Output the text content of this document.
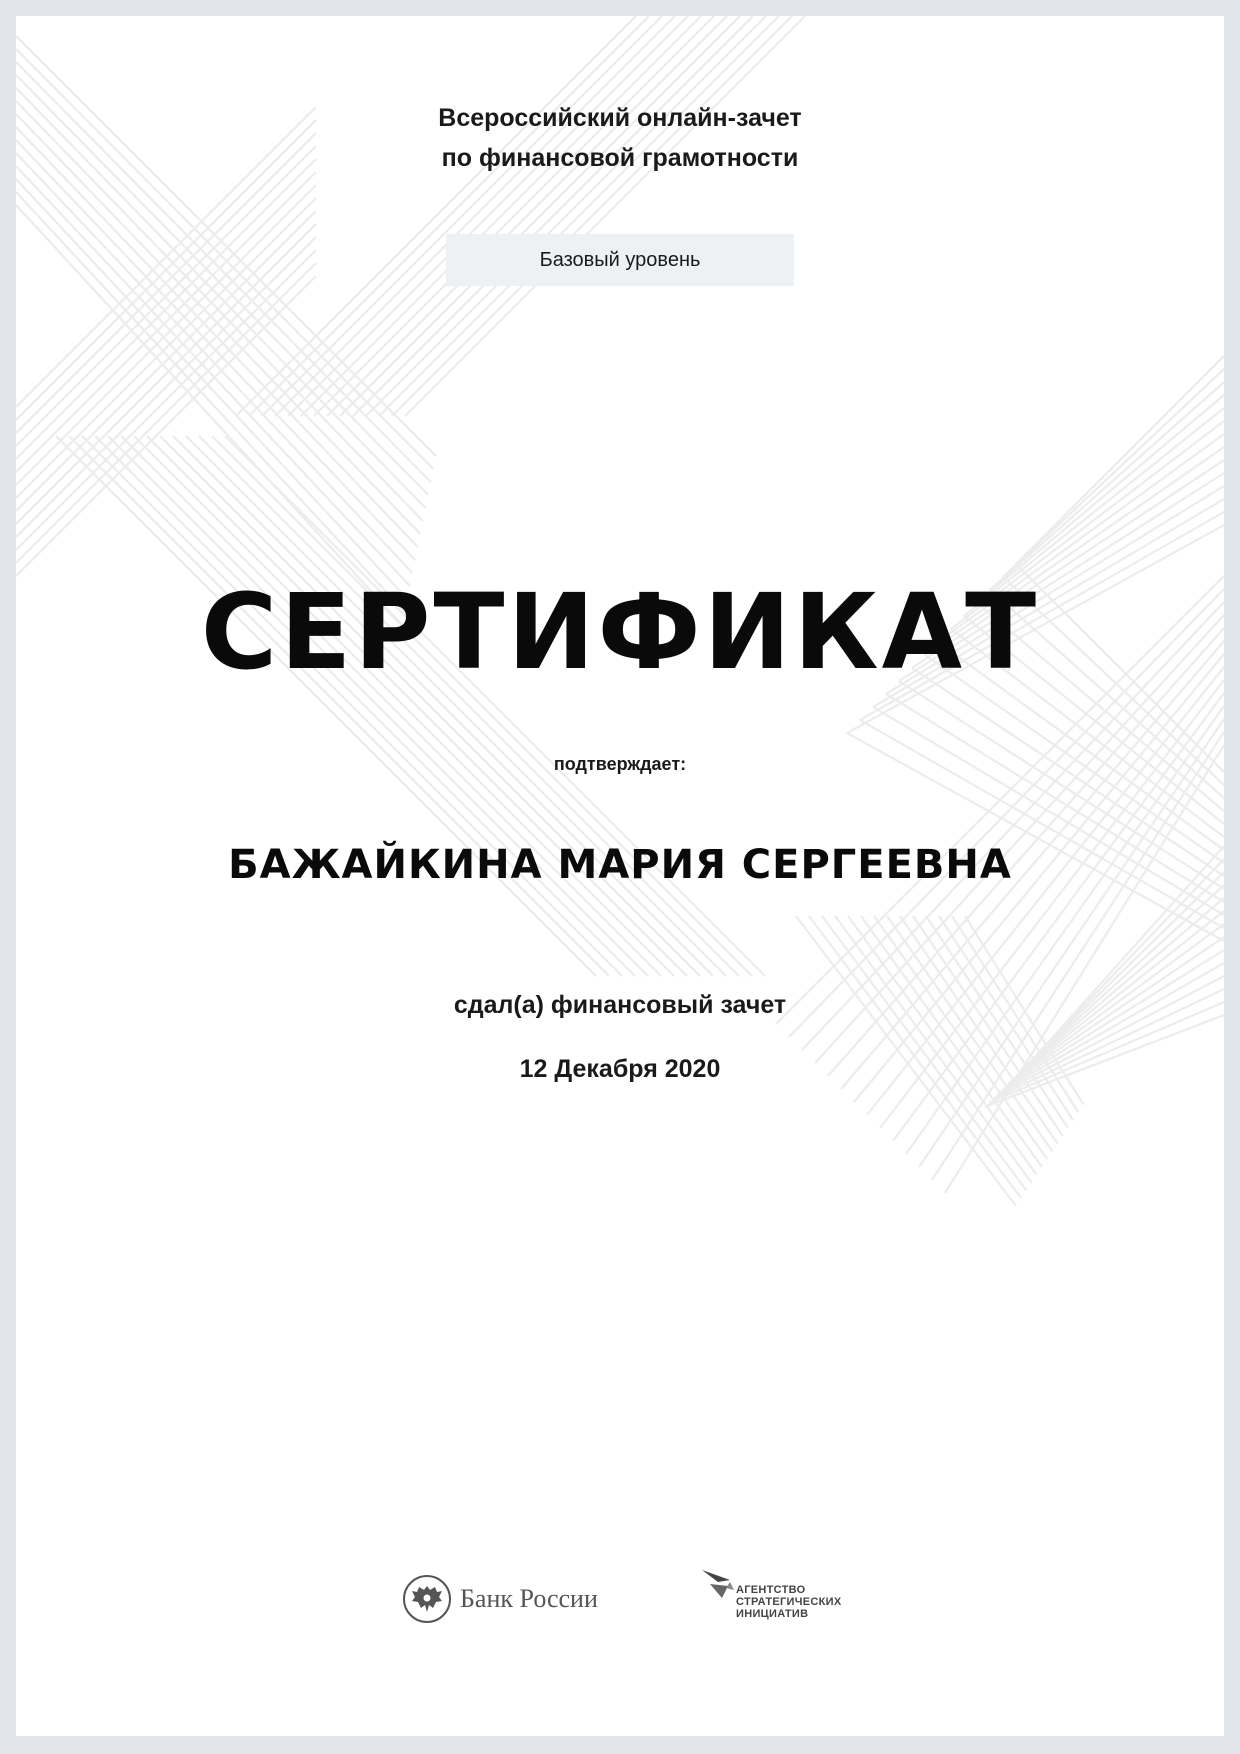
Всероссийский онлайн-зачет
по финансовой грамотности
Базовый уровень
СЕРТИФИКАТ
подтверждает:
БАЖАЙКИНА МАРИЯ СЕРГЕЕВНА
сдал(а) финансовый зачет
12 Декабря 2020
Банк России	АГЕНТСТВО
СТРАТЕГИЧЕСКИХ
ИНИЦИАТИВ
